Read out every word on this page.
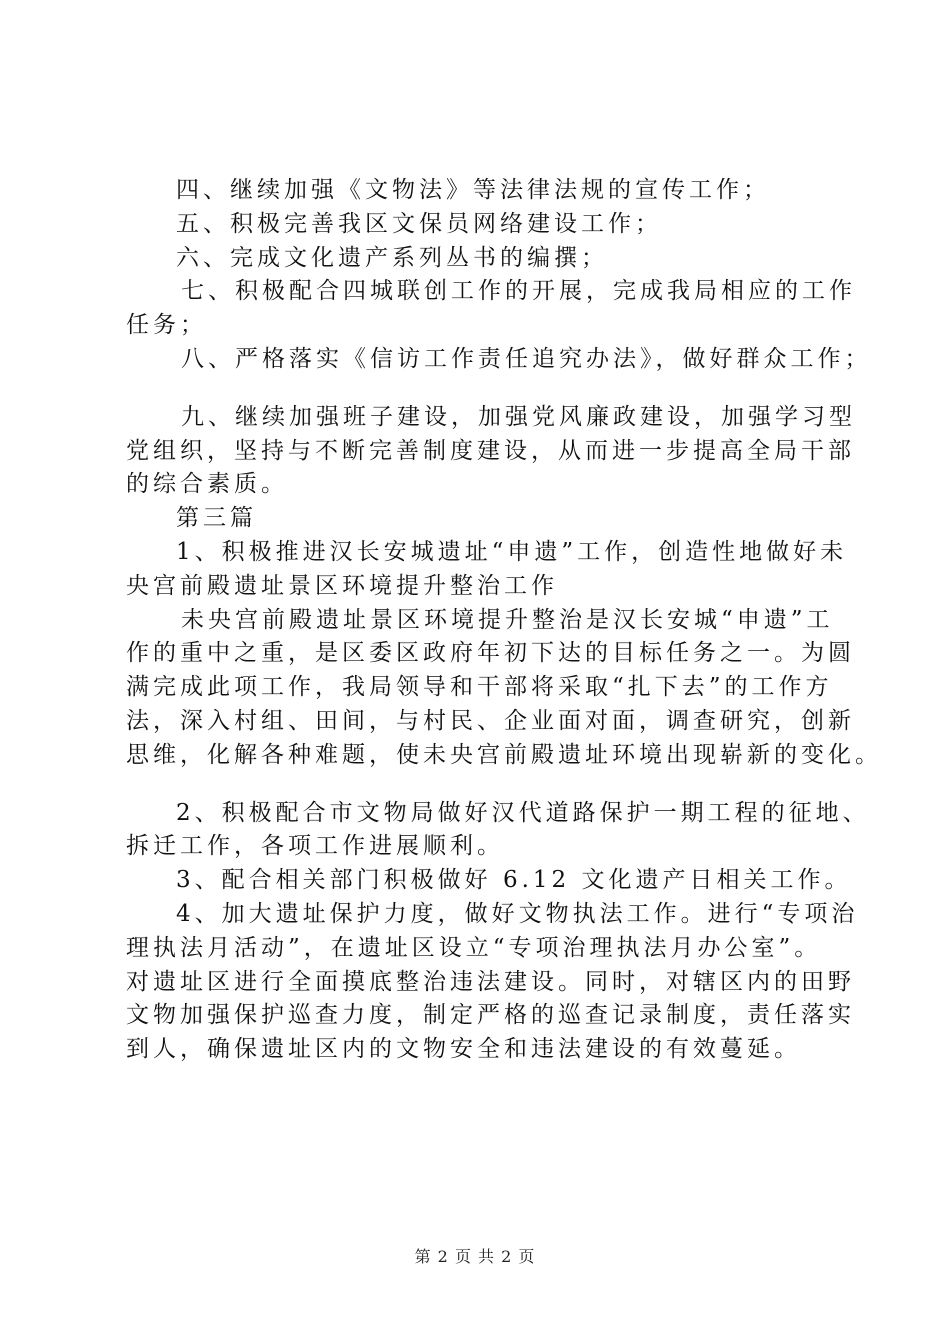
四、继续加强《文物法》等法律法规的宣传工作；

五、积极完善我区文保员网络建设工作；

六、完成文化遗产系列丛书的编撰；

七、积极配合四城联创工作的开展，完成我局相应的工作

任务；

八、严格落实《信访工作责任追究办法》，做好群众工作；

九、继续加强班子建设，加强党风廉政建设，加强学习型

党组织，坚持与不断完善制度建设，从而进一步提高全局干部

的综合素质。

第三篇

1、积极推进汉长安城遗址“申遗”工作，创造性地做好未

央宫前殿遗址景区环境提升整治工作

未央宫前殿遗址景区环境提升整治是汉长安城“申遗”工

作的重中之重，是区委区政府年初下达的目标任务之一。为圆

满完成此项工作，我局领导和干部将采取“扎下去”的工作方

法，深入村组、田间，与村民、企业面对面，调查研究，创新

思维，化解各种难题，使未央宫前殿遗址环境出现崭新的变化。

2、积极配合市文物局做好汉代道路保护一期工程的征地、

拆迁工作，各项工作进展顺利。

3、配合相关部门积极做好 6.12 文化遗产日相关工作。

4、加大遗址保护力度，做好文物执法工作。进行“专项治

理执法月活动”，在遗址区设立“专项治理执法月办公室”。

对遗址区进行全面摸底整治违法建设。同时，对辖区内的田野

文物加强保护巡查力度，制定严格的巡查记录制度，责任落实

到人，确保遗址区内的文物安全和违法建设的有效蔓延。

第 2 页 共 2 页
